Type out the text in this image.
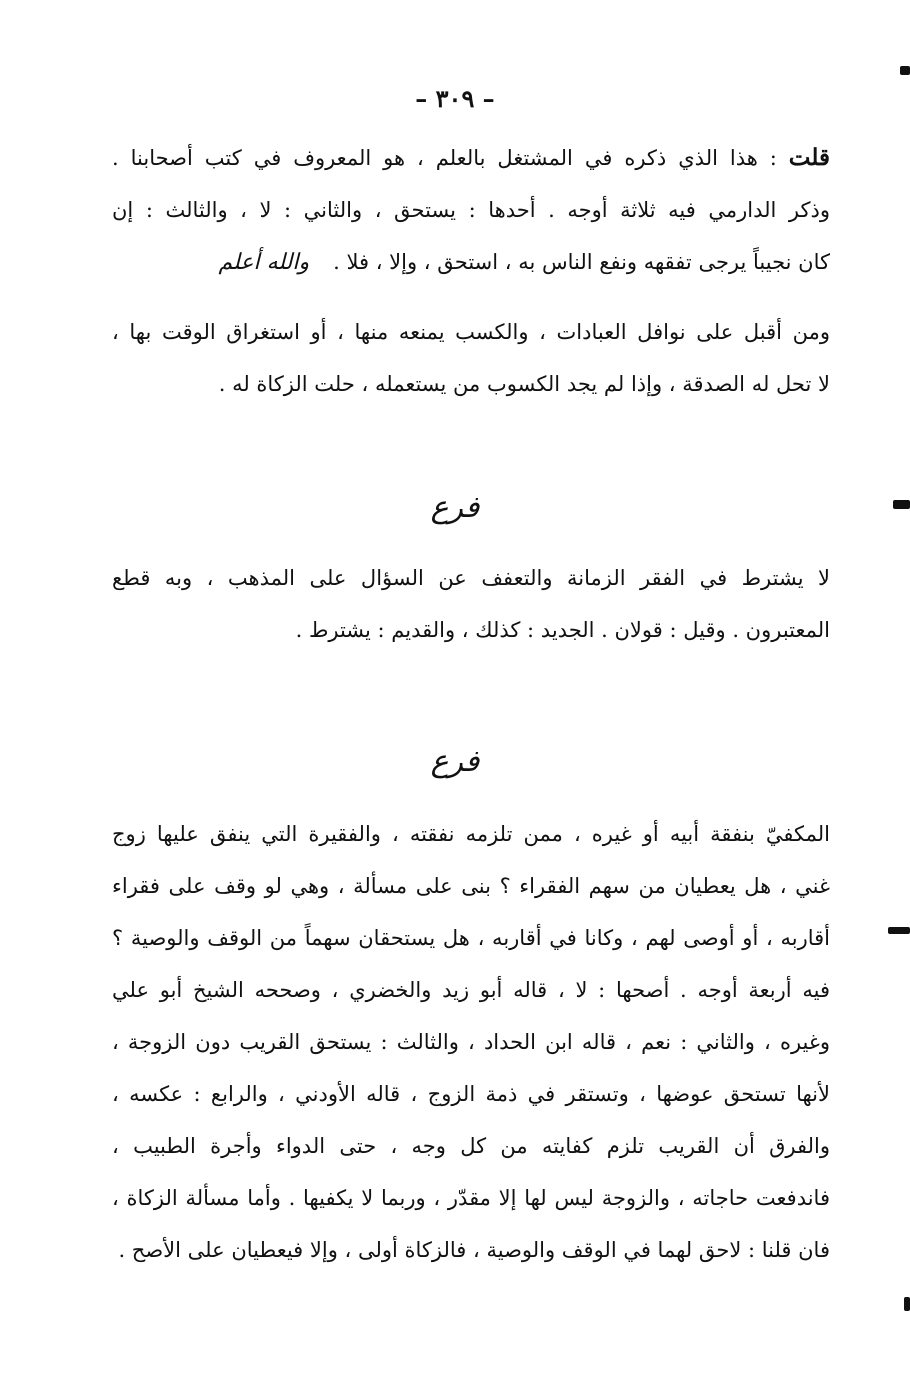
– ٣٠٩ –
قلت : هذا الذي ذكره في المشتغل بالعلم ، هو المعروف في كتب أصحابنا .
وذكر الدارمي فيه ثلاثة أوجه . أحدها : يستحق ، والثاني : لا ، والثالث : إن
كان نجيباً يرجى تفقهه ونفع الناس به ، استحق ، وإلا ، فلا .والله أعلم
ومن أقبل على نوافل العبادات ، والكسب يمنعه منها ، أو استغراق الوقت بها ،
لا تحل له الصدقة ، وإذا لم يجد الكسوب من يستعمله ، حلت الزكاة له .
فرع
لا يشترط في الفقر الزمانة والتعفف عن السؤال على المذهب ، وبه قطع
المعتبرون . وقيل : قولان . الجديد : كذلك ، والقديم : يشترط .
فرع
المكفيّ بنفقة أبيه أو غيره ، ممن تلزمه نفقته ، والفقيرة التي ينفق عليها زوج
غني ، هل يعطيان من سهم الفقراء ؟ بنى على مسألة ، وهي لو وقف على فقراء
أقاربه ، أو أوصى لهم ، وكانا في أقاربه ، هل يستحقان سهماً من الوقف والوصية ؟
فيه أربعة أوجه . أصحها : لا ، قاله أبو زيد والخضري ، وصححه الشيخ أبو علي
وغيره ، والثاني : نعم ، قاله ابن الحداد ، والثالث : يستحق القريب دون الزوجة ،
لأنها تستحق عوضها ، وتستقر في ذمة الزوج ، قاله الأودني ، والرابع : عكسه ،
والفرق أن القريب تلزم كفايته من كل وجه ، حتى الدواء وأجرة الطبيب ،
فاندفعت حاجاته ، والزوجة ليس لها إلا مقدّر ، وربما لا يكفيها . وأما مسألة الزكاة ،
فان قلنا : لاحق لهما في الوقف والوصية ، فالزكاة أولى ، وإلا فيعطيان على الأصح .
